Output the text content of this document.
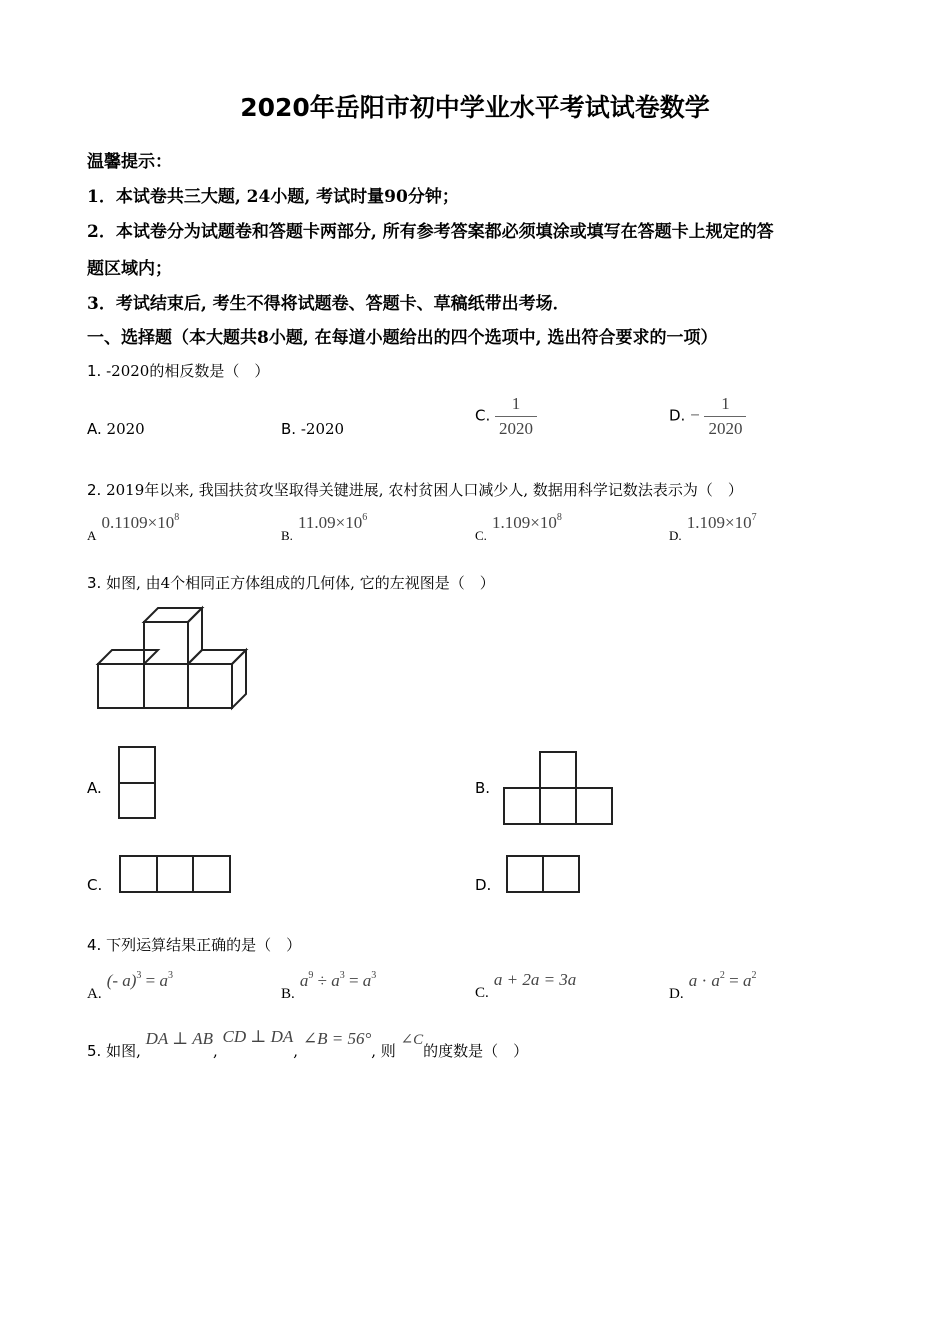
2020年岳阳市初中学业水平考试试卷数学
温馨提示：
1．本试卷共三大题, 24小题, 考试时量90分钟；
2．本试卷分为试题卷和答题卡两部分, 所有参考答案都必须填涂或填写在答题卡上规定的答
题区域内；
3．考试结束后, 考生不得将试题卷、答题卡、草稿纸带出考场．
一、选择题（本大题共8小题, 在每道小题给出的四个选项中, 选出符合要求的一项）
1. -2020的相反数是（　）
A. 2020	B. -2020
C. $\frac{1}{2020}$	D. − $\frac{1}{2020}$
2. 2019年以来, 我国扶贫攻坚取得关键进展, 农村贫困人口减少人, 数据用科学记数法表示为（　）
$_A$ $0.1109\times 10^8$
$_{B.}$ $11.09\times 10^6$
$_{C.}$ $1.109\times 10^8$
$_{D.}$ $1.109\times 10^7$
3. 如图, 由4个相同正方体组成的几何体, 它的左视图是（　）
A.	B.
C.	D.
4. 下列运算结果正确的是（　）
A. (- $a)^3 = a^3$
B. $a^9 \div a^3 = a^3$
C. a + 2a = 3a
D. $a \cdot a^2 = a^2$
5. 如图, DA ⊥ AB, CD ⊥ DA, ∠B = 56°, 则 ∠C的度数是（　）
